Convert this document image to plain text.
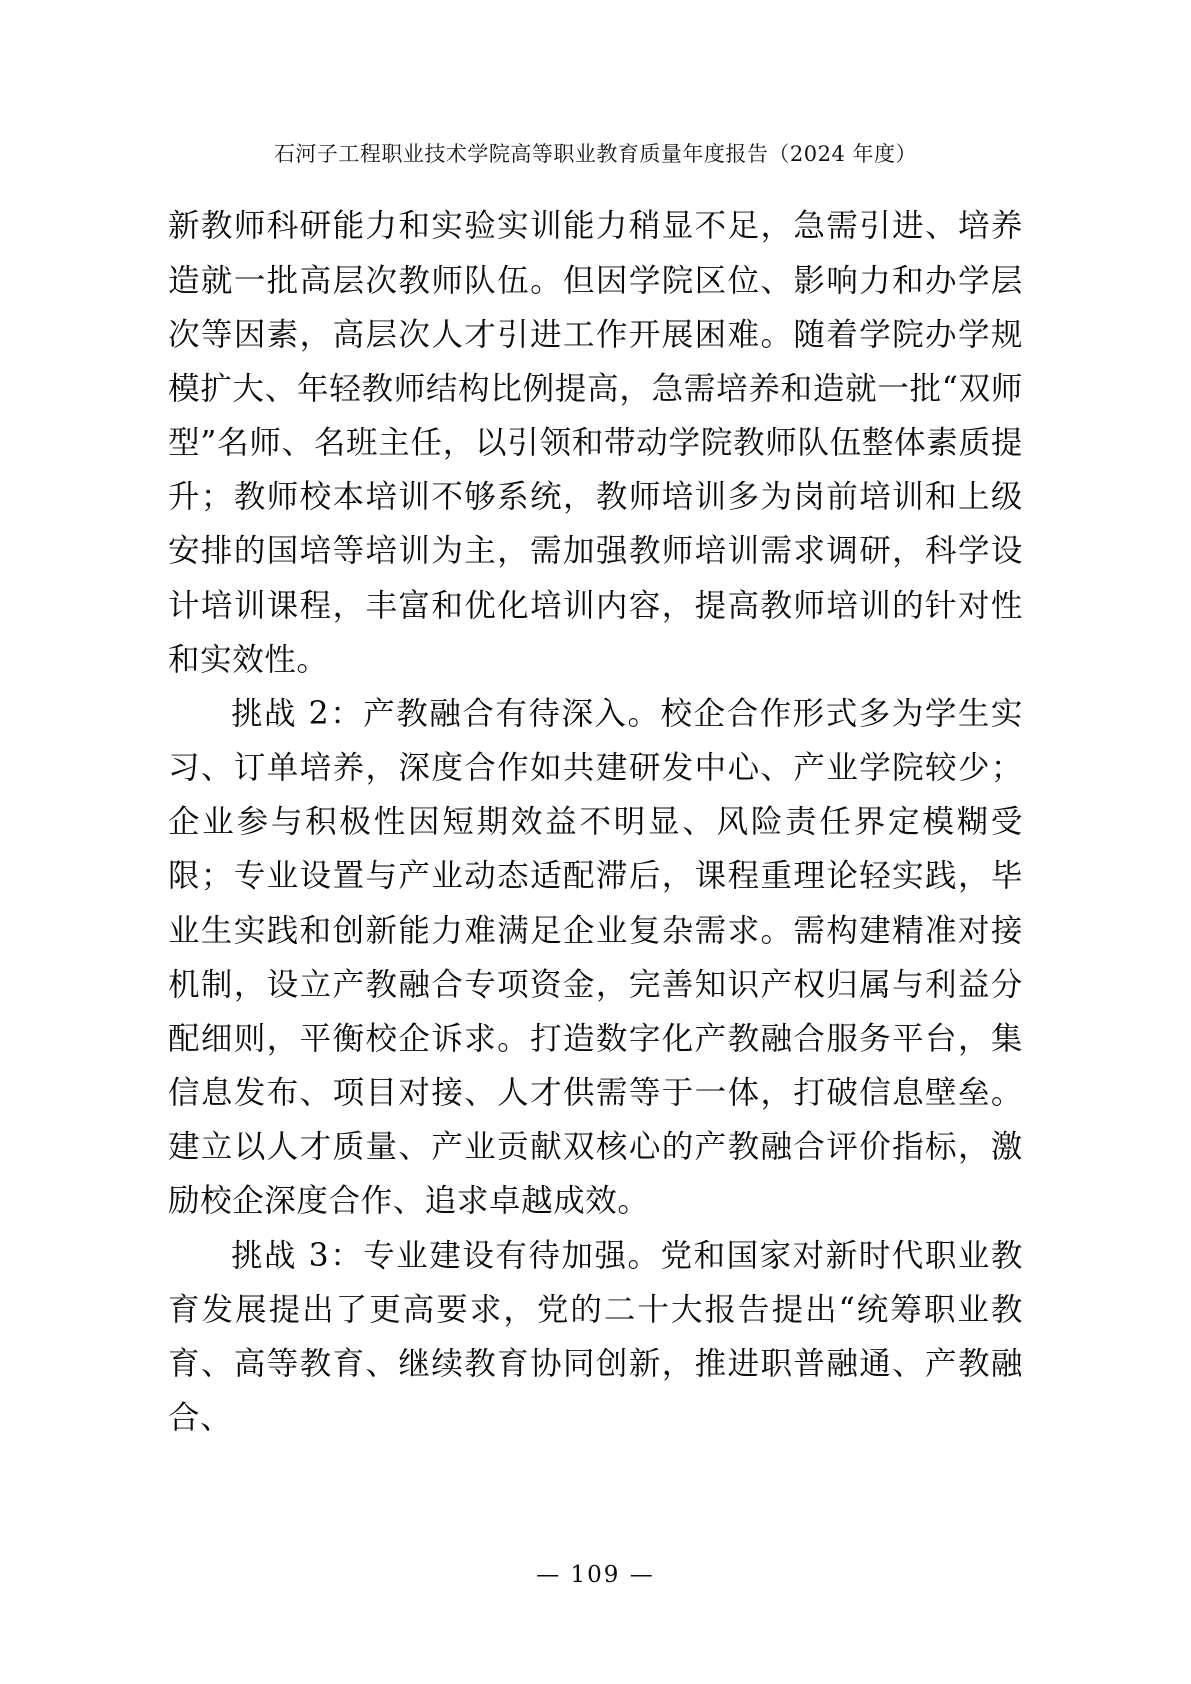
石河子工程职业技术学院高等职业教育质量年度报告（2024 年度）

新教师科研能力和实验实训能力稍显不足，急需引进、培养造就一批高层次教师队伍。但因学院区位、影响力和办学层次等因素，高层次人才引进工作开展困难。随着学院办学规模扩大、年轻教师结构比例提高，急需培养和造就一批“双师型”名师、名班主任，以引领和带动学院教师队伍整体素质提升；教师校本培训不够系统，教师培训多为岗前培训和上级安排的国培等培训为主，需加强教师培训需求调研，科学设计培训课程，丰富和优化培训内容，提高教师培训的针对性和实效性。

挑战 2：产教融合有待深入。校企合作形式多为学生实习、订单培养，深度合作如共建研发中心、产业学院较少；企业参与积极性因短期效益不明显、风险责任界定模糊受限；专业设置与产业动态适配滞后，课程重理论轻实践，毕业生实践和创新能力难满足企业复杂需求。需构建精准对接机制，设立产教融合专项资金，完善知识产权归属与利益分配细则，平衡校企诉求。打造数字化产教融合服务平台，集信息发布、项目对接、人才供需等于一体，打破信息壁垒。建立以人才质量、产业贡献双核心的产教融合评价指标，激励校企深度合作、追求卓越成效。

挑战 3：专业建设有待加强。党和国家对新时代职业教育发展提出了更高要求，党的二十大报告提出“统筹职业教育、高等教育、继续教育协同创新，推进职普融通、产教融合、

— 109 —
